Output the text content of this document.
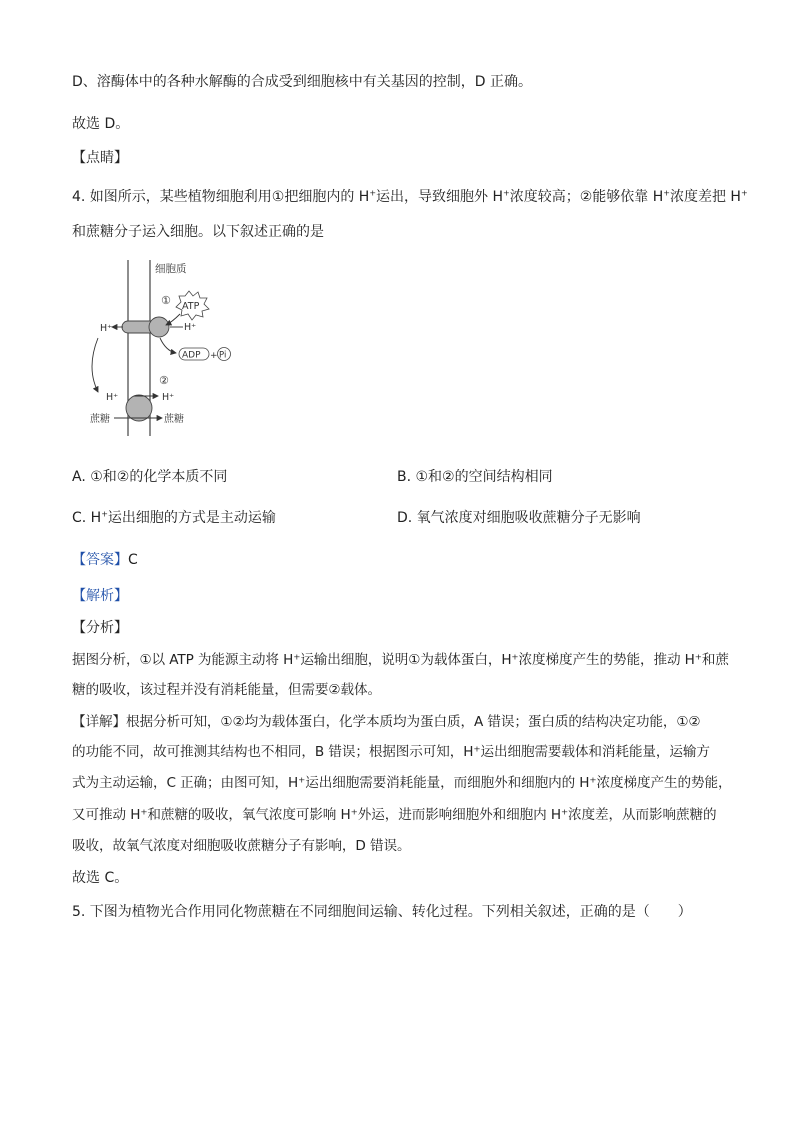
D、溶酶体中的各种水解酶的合成受到细胞核中有关基因的控制，D 正确。
故选 D。
【点睛】
4. 如图所示，某些植物细胞利用①把细胞内的 H+运出，导致细胞外 H+浓度较高；②能够依靠 H+浓度差把 H+
和蔗糖分子运入细胞。以下叙述正确的是
细胞质
① ATP
H⁺
H⁺
ADP + Pi
②
H⁺	H⁺
蔗糖	蔗糖
A. ①和②的化学本质不同	B. ①和②的空间结构相同
C. H+运出细胞的方式是主动运输	D. 氧气浓度对细胞吸收蔗糖分子无影响
【答案】C
【解析】
【分析】
据图分析，①以 ATP 为能源主动将 H⁺运输出细胞，说明①为载体蛋白，H⁺浓度梯度产生的势能，推动 H⁺和蔗
糖的吸收，该过程并没有消耗能量，但需要②载体。
【详解】根据分析可知，①②均为载体蛋白，化学本质均为蛋白质，A 错误；蛋白质的结构决定功能，①②
的功能不同，故可推测其结构也不相同，B 错误；根据图示可知，H⁺运出细胞需要载体和消耗能量，运输方
式为主动运输，C 正确；由图可知，H⁺运出细胞需要消耗能量，而细胞外和细胞内的 H⁺浓度梯度产生的势能，
又可推动 H⁺和蔗糖的吸收，氧气浓度可影响 H⁺外运，进而影响细胞外和细胞内 H⁺浓度差，从而影响蔗糖的
吸收，故氧气浓度对细胞吸收蔗糖分子有影响，D 错误。
故选 C。
5. 下图为植物光合作用同化物蔗糖在不同细胞间运输、转化过程。下列相关叙述，正确的是（　　）
